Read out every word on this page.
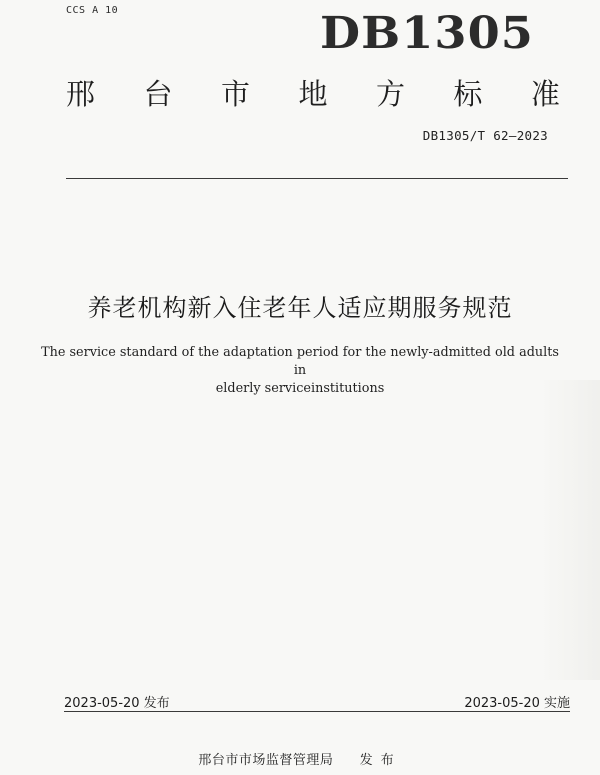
CCS A 10	DB1305
邢 台 市 地 方 标 准
DB1305/T 62—2023
养老机构新入住老年人适应期服务规范
The service standard of the adaptation period for the newly-admitted old adults in
elderly serviceinstitutions
2023-05-20 发布	2023-05-20 实施
邢台市市场监督管理局 发布
